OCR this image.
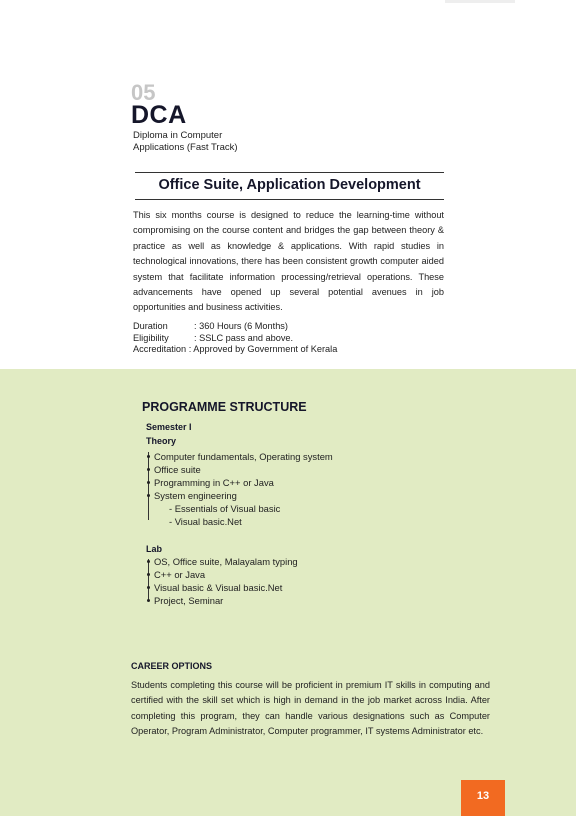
05
DCA
Diploma in Computer Applications (Fast Track)
Office Suite, Application Development
This six months course is designed to reduce the learning-time without compromising on the course content and bridges the gap between theory & practice as well as knowledge & applications. With rapid studies in technological innovations, there has been consistent growth computer aided system that facilitate information processing/retrieval operations. These advancements have opened up several potential avenues in job opportunities and business activities.
Duration	: 360 Hours (6 Months)
Eligibility	: SSLC pass and above.
Accreditation : Approved by Government of Kerala
PROGRAMME STRUCTURE
Semester I
Theory
Computer fundamentals, Operating system
Office suite
Programming in C++ or Java
System engineering
- Essentials of Visual basic
- Visual basic.Net
Lab
OS, Office suite, Malayalam typing
C++ or Java
Visual basic & Visual basic.Net
Project, Seminar
CAREER OPTIONS
Students completing this course will be proficient in premium IT skills in computing and certified with the skill set which is high in demand in the job market across India. After completing this program, they can handle various designations such as Computer Operator, Program Administrator, Computer programmer, IT systems Administrator etc.
13
